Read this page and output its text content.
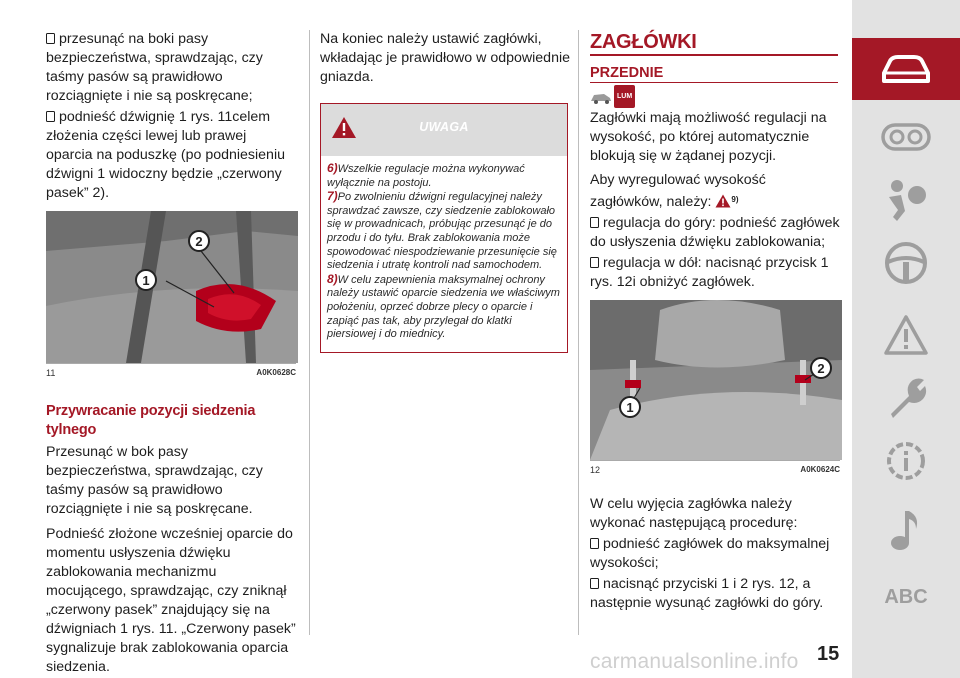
przesunąć na boki pasy bezpieczeństwa, sprawdzając, czy taśmy pasów są prawidłowo rozciągnięte i nie są poskręcane;

podnieść dźwignię 1 rys. 11celem złożenia części lewej lub prawej oparcia na poduszkę (po podniesieniu dźwigni 1 widoczny będzie „czerwony pasek” 2).

2
1
11	A0K0628C
Przywracanie pozycji siedzenia tylnego

Przesunąć w bok pasy bezpieczeństwa, sprawdzając, czy taśmy pasów są prawidłowo rozciągnięte i nie są poskręcane.

Podnieść złożone wcześniej oparcie do momentu usłyszenia dźwięku zablokowania mechanizmu mocującego, sprawdzając, czy zniknął „czerwony pasek” znajdujący się na dźwigniach 1 rys. 11. „Czerwony pasek” sygnalizuje brak zablokowania oparcia siedzenia.

Na koniec należy ustawić zagłówki, wkładając je prawidłowo w odpowiednie gniazda.

UWAGA

6)Wszelkie regulacje można wykonywać wyłącznie na postoju.

7)Po zwolnieniu dźwigni regulacyjnej należy sprawdzać zawsze, czy siedzenie zablokowało się w prowadnicach, próbując przesunąć je do przodu i do tyłu. Brak zablokowania może spowodować niespodziewanie przesunięcie się siedzenia i utratę kontroli nad samochodem.

8)W celu zapewnienia maksymalnej ochrony należy ustawić oparcie siedzenia we właściwym położeniu, oprzeć dobrze plecy o oparcie i zapiąć pas tak, aby przylegał do klatki piersiowej i do miednicy.

ZAGŁÓWKI
PRZEDNIE
LUM

Zagłówki mają możliwość regulacji na wysokość, po której automatycznie blokują się w żądanej pozycji.

Aby wyregulować wysokość zagłówków, należy: $^{9)}$

regulacja do góry: podnieść zagłówek do usłyszenia dźwięku zablokowania;

regulacja w dół: nacisnąć przycisk 1 rys. 12i obniżyć zagłówek.

1
2
12	A0K0624C

W celu wyjęcia zagłówka należy wykonać następującą procedurę:

podnieść zagłówek do maksymalnej wysokości;

nacisnąć przyciski 1 i 2 rys. 12, a następnie wysunąć zagłówki do góry.	ABC
15
carmanualsonline.info
